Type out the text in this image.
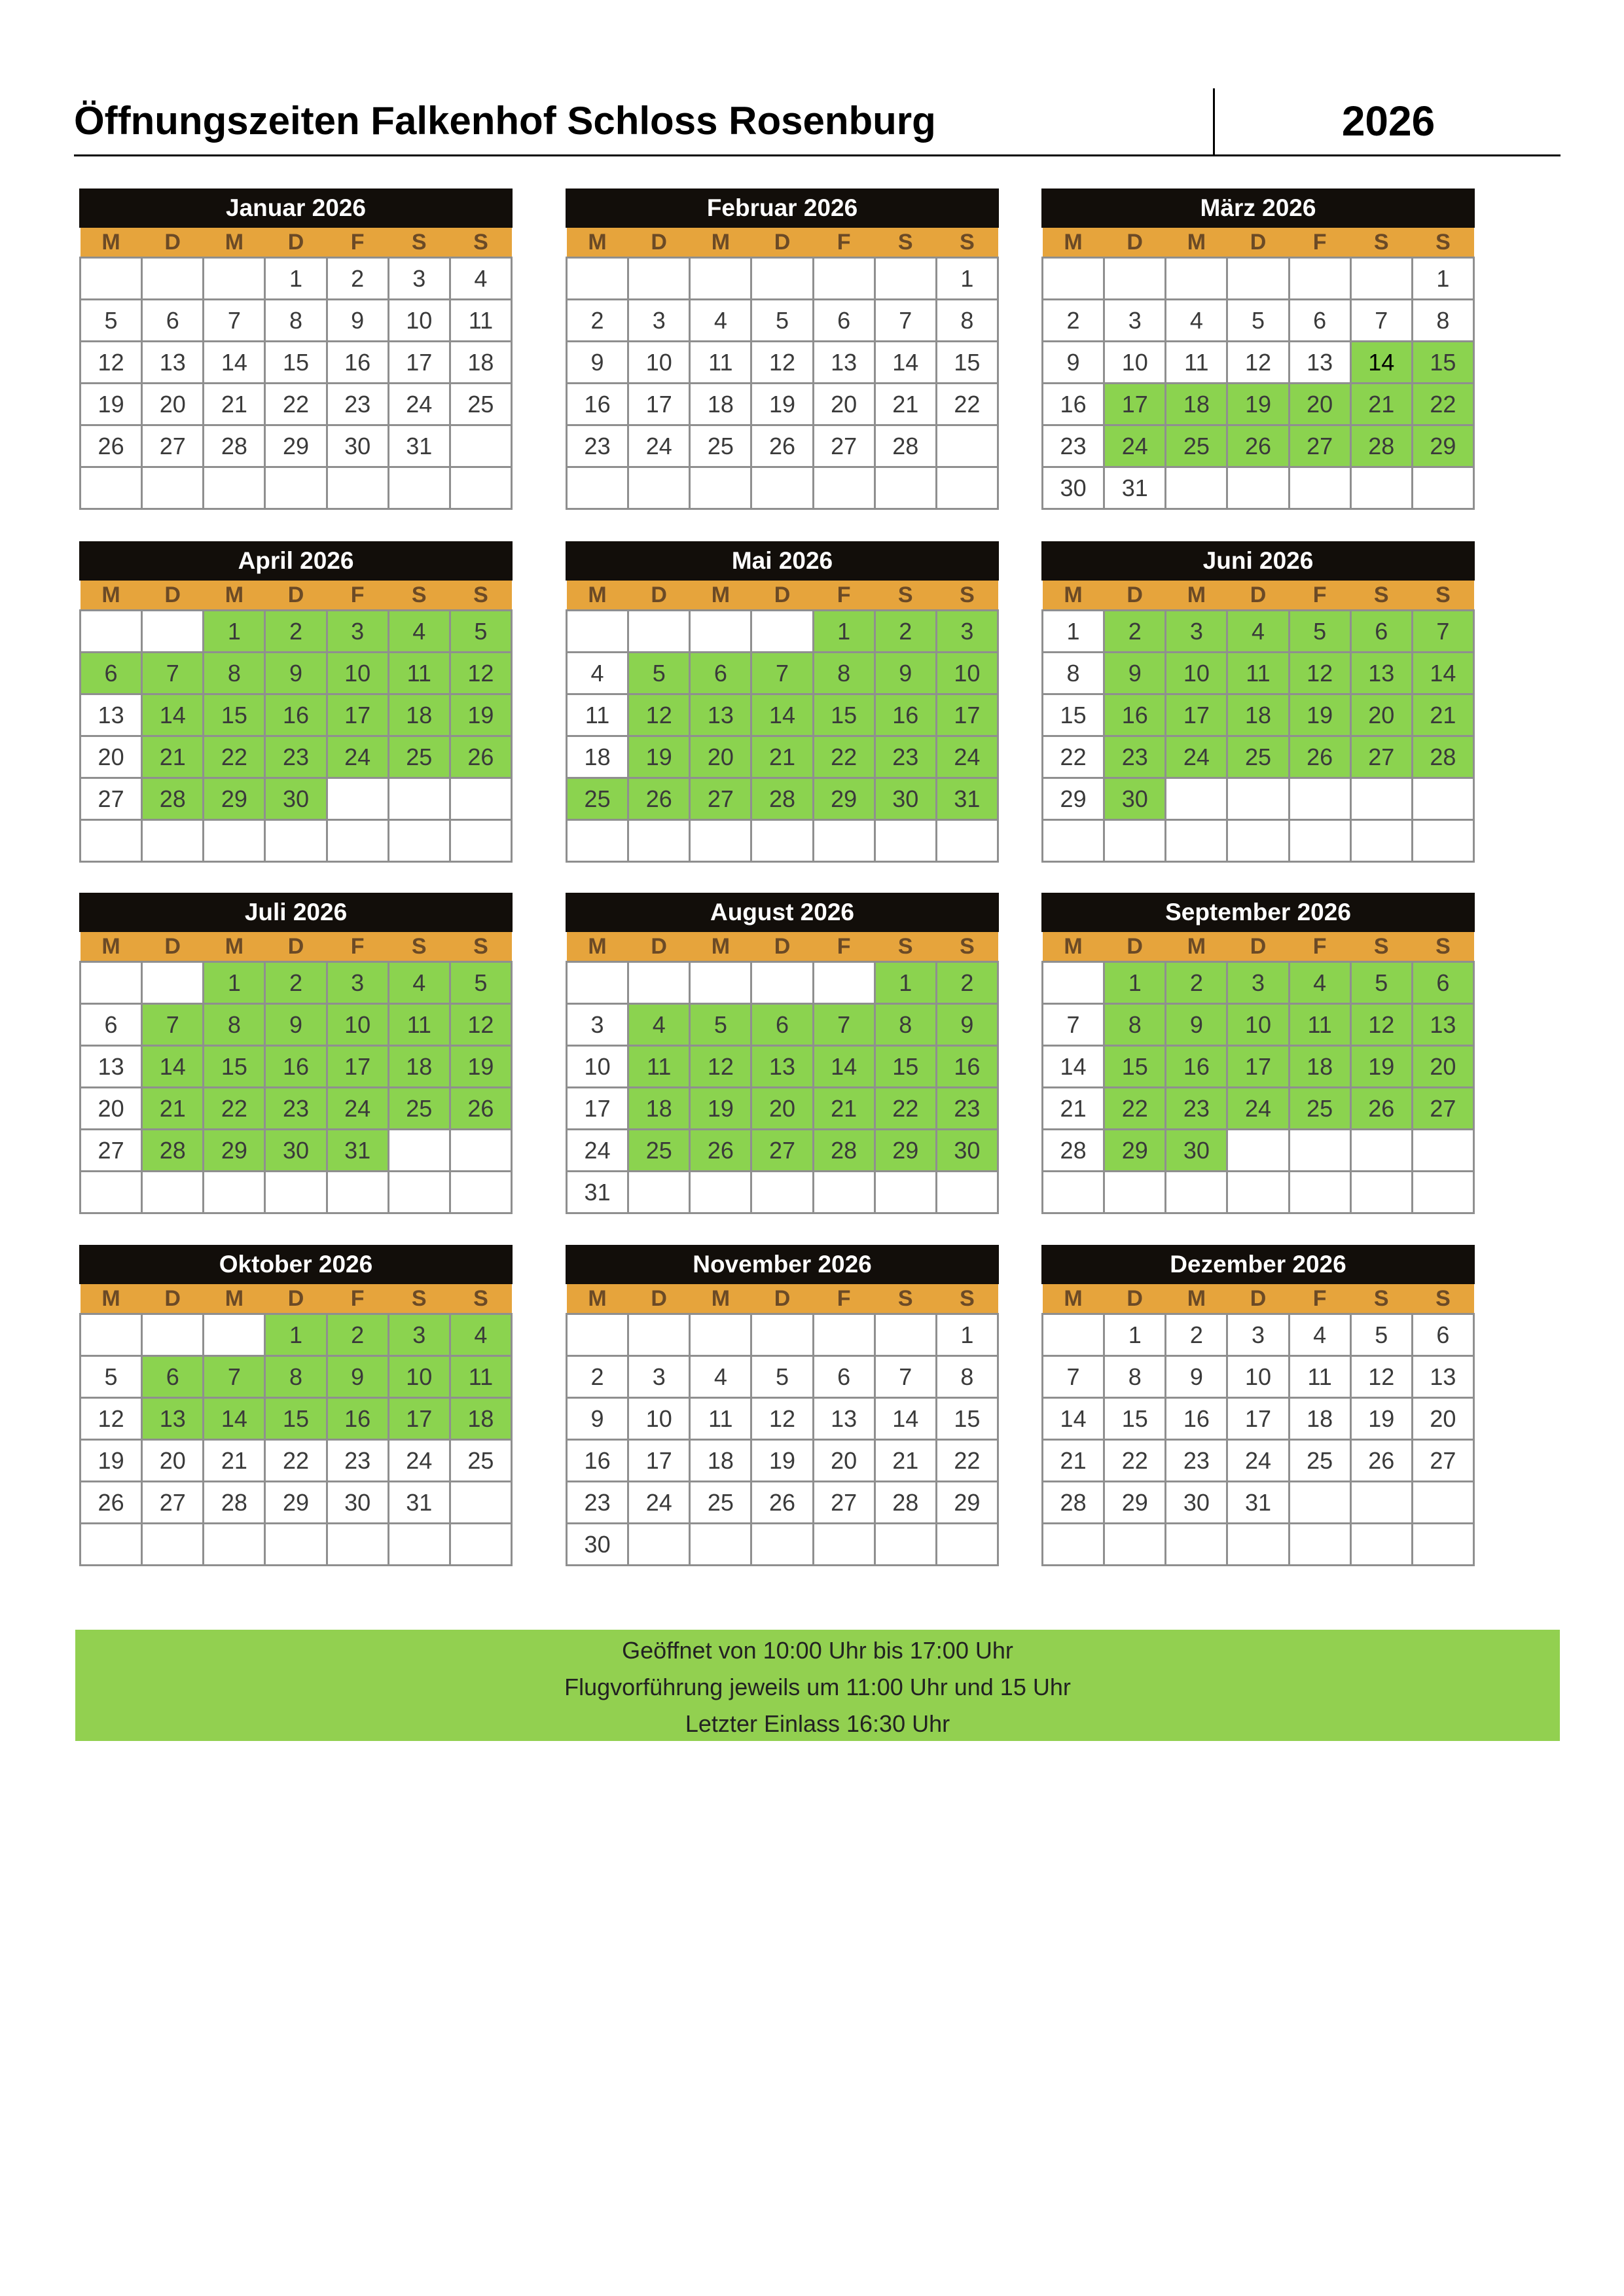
Öffnungszeiten Falkenhof Schloss Rosenburg	2026
Januar 2026
M	D	M	D	F	S	S
			1	2	3	4
5	6	7	8	9	10	11
12	13	14	15	16	17	18
19	20	21	22	23	24	25
26	27	28	29	30	31	

Februar 2026
M	D	M	D	F	S	S
						1
2	3	4	5	6	7	8
9	10	11	12	13	14	15
16	17	18	19	20	21	22
23	24	25	26	27	28	

März 2026
M	D	M	D	F	S	S
						1
2	3	4	5	6	7	8
9	10	11	12	13	14	15
16	17	18	19	20	21	22
23	24	25	26	27	28	29
30	31					
April 2026
M	D	M	D	F	S	S
		1	2	3	4	5
6	7	8	9	10	11	12
13	14	15	16	17	18	19
20	21	22	23	24	25	26
27	28	29	30			

Mai 2026
M	D	M	D	F	S	S
				1	2	3
4	5	6	7	8	9	10
11	12	13	14	15	16	17
18	19	20	21	22	23	24
25	26	27	28	29	30	31

Juni 2026
M	D	M	D	F	S	S
1	2	3	4	5	6	7
8	9	10	11	12	13	14
15	16	17	18	19	20	21
22	23	24	25	26	27	28
29	30					

Juli 2026
M	D	M	D	F	S	S
		1	2	3	4	5
6	7	8	9	10	11	12
13	14	15	16	17	18	19
20	21	22	23	24	25	26
27	28	29	30	31		

August 2026
M	D	M	D	F	S	S
					1	2
3	4	5	6	7	8	9
10	11	12	13	14	15	16
17	18	19	20	21	22	23
24	25	26	27	28	29	30
31						
September 2026
M	D	M	D	F	S	S
	1	2	3	4	5	6
7	8	9	10	11	12	13
14	15	16	17	18	19	20
21	22	23	24	25	26	27
28	29	30				

Oktober 2026
M	D	M	D	F	S	S
			1	2	3	4
5	6	7	8	9	10	11
12	13	14	15	16	17	18
19	20	21	22	23	24	25
26	27	28	29	30	31	

November 2026
M	D	M	D	F	S	S
						1
2	3	4	5	6	7	8
9	10	11	12	13	14	15
16	17	18	19	20	21	22
23	24	25	26	27	28	29
30						
Dezember 2026
M	D	M	D	F	S	S
	1	2	3	4	5	6
7	8	9	10	11	12	13
14	15	16	17	18	19	20
21	22	23	24	25	26	27
28	29	30	31			

Geöffnet von 10:00 Uhr bis 17:00 Uhr
Flugvorführung jeweils um 11:00 Uhr und 15 Uhr
Letzter Einlass 16:30 Uhr
